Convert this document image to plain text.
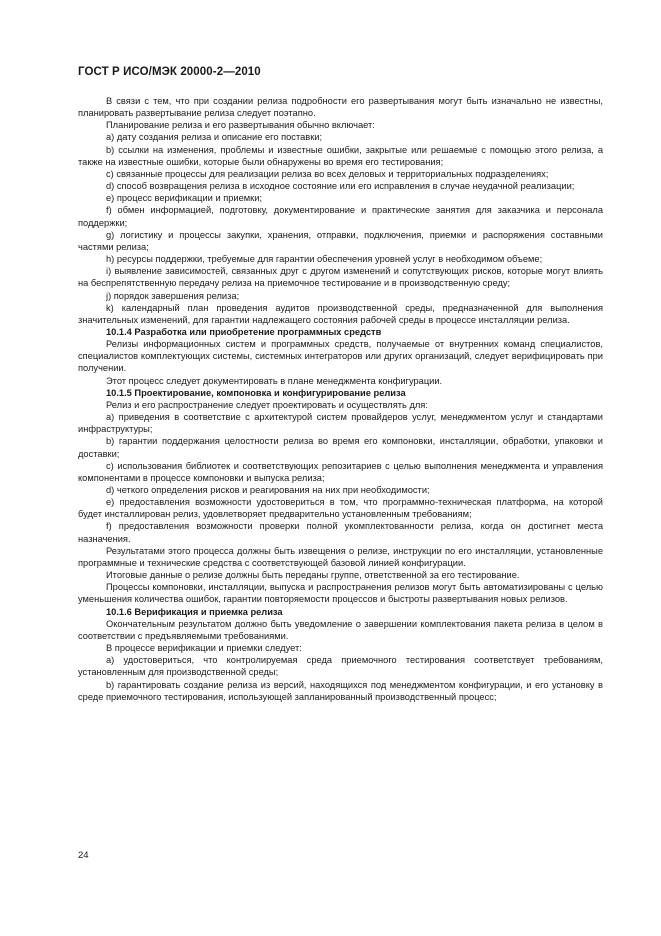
ГОСТ Р ИСО/МЭК 20000-2—2010

В связи с тем, что при создании релиза подробности его развертывания могут быть изначально не известны, планировать развертывание релиза следует поэтапно.

Планирование релиза и его развертывания обычно включает:

a) дату создания релиза и описание его поставки;

b) ссылки на изменения, проблемы и известные ошибки, закрытые или решаемые с помощью этого релиза, а также на известные ошибки, которые были обнаружены во время его тестирования;

c) связанные процессы для реализации релиза во всех деловых и территориальных подразделениях;

d) способ возвращения релиза в исходное состояние или его исправления в случае неудачной реализации;

e) процесс верификации и приемки;

f) обмен информацией, подготовку, документирование и практические занятия для заказчика и персонала поддержки;

g) логистику и процессы закупки, хранения, отправки, подключения, приемки и распоряжения составными частями релиза;

h) ресурсы поддержки, требуемые для гарантии обеспечения уровней услуг в необходимом объеме;

i) выявление зависимостей, связанных друг с другом изменений и сопутствующих рисков, которые могут влиять на беспрепятственную передачу релиза на приемочное тестирование и в производственную среду;

j) порядок завершения релиза;

k) календарный план проведения аудитов производственной среды, предназначенной для выполнения значительных изменений, для гарантии надлежащего состояния рабочей среды в процессе инсталляции релиза.

10.1.4 Разработка или приобретение программных средств

Релизы информационных систем и программных средств, получаемые от внутренних команд специалистов, специалистов комплектующих системы, системных интеграторов или других организаций, следует верифицировать при получении.

Этот процесс следует документировать в плане менеджмента конфигурации.

10.1.5 Проектирование, компоновка и конфигурирование релиза

Релиз и его распространение следует проектировать и осуществлять для:

a) приведения в соответствие с архитектурой систем провайдеров услуг, менеджментом услуг и стандартами инфраструктуры;

b) гарантии поддержания целостности релиза во время его компоновки, инсталляции, обработки, упаковки и доставки;

c) использования библиотек и соответствующих репозитариев с целью выполнения менеджмента и управления компонентами в процессе компоновки и выпуска релиза;

d) четкого определения рисков и реагирования на них при необходимости;

e) предоставления возможности удостовериться в том, что программно-техническая платформа, на которой будет инсталлирован релиз, удовлетворяет предварительно установленным требованиям;

f) предоставления возможности проверки полной укомплектованности релиза, когда он достигнет места назначения.

Результатами этого процесса должны быть извещения о релизе, инструкции по его инсталляции, установленные программные и технические средства с соответствующей базовой линией конфигурации.

Итоговые данные о релизе должны быть переданы группе, ответственной за его тестирование.

Процессы компоновки, инсталляции, выпуска и распространения релизов могут быть автоматизированы с целью уменьшения количества ошибок, гарантии повторяемости процессов и быстроты развертывания новых релизов.

10.1.6 Верификация и приемка релиза

Окончательным результатом должно быть уведомление о завершении комплектования пакета релиза в целом в соответствии с предъявляемыми требованиями.

В процессе верификации и приемки следует:

a) удостовериться, что контролируемая среда приемочного тестирования соответствует требованиям, установленным для производственной среды;

b) гарантировать создание релиза из версий, находящихся под менеджментом конфигурации, и его установку в среде приемочного тестирования, использующей запланированный производственный процесс;

24
